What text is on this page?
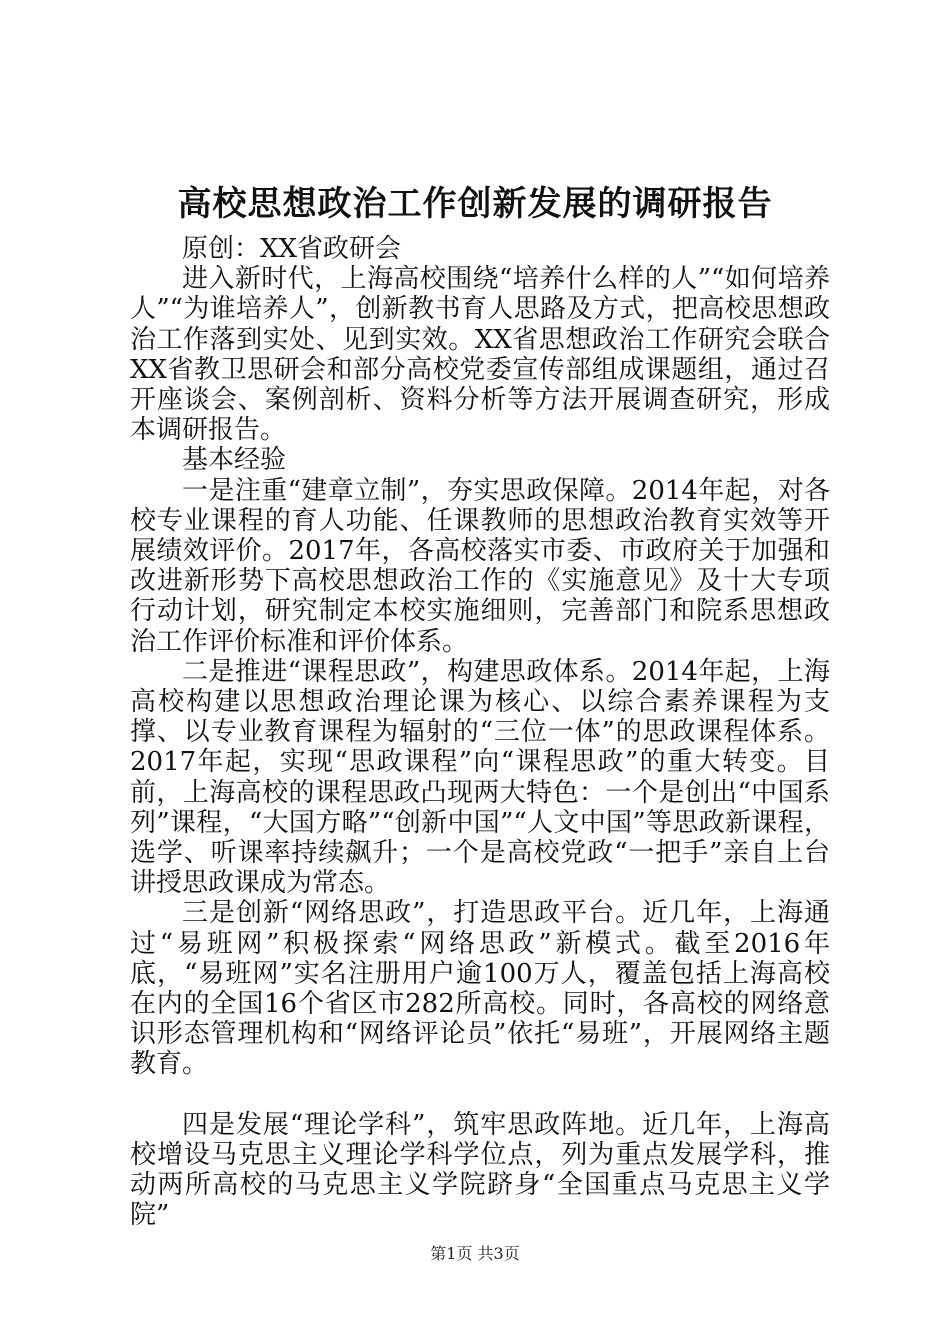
高校思想政治工作创新发展的调研报告

原创：XX省政研会

进入新时代，上海高校围绕“培养什么样的人”“如何培养人”“为谁培养人”，创新教书育人思路及方式，把高校思想政治工作落到实处、见到实效。XX省思想政治工作研究会联合XX省教卫思研会和部分高校党委宣传部组成课题组，通过召开座谈会、案例剖析、资料分析等方法开展调查研究，形成本调研报告。

基本经验

一是注重“建章立制”，夯实思政保障。2014年起，对各校专业课程的育人功能、任课教师的思想政治教育实效等开展绩效评价。2017年，各高校落实市委、市政府关于加强和改进新形势下高校思想政治工作的《实施意见》及十大专项行动计划，研究制定本校实施细则，完善部门和院系思想政治工作评价标准和评价体系。

二是推进“课程思政”，构建思政体系。2014年起，上海高校构建以思想政治理论课为核心、以综合素养课程为支撑、以专业教育课程为辐射的“三位一体”的思政课程体系。2017年起，实现“思政课程”向“课程思政”的重大转变。目前，上海高校的课程思政凸现两大特色：一个是创出“中国系列”课程，“大国方略”“创新中国”“人文中国”等思政新课程，选学、听课率持续飙升；一个是高校党政“一把手”亲自上台讲授思政课成为常态。

三是创新“网络思政”，打造思政平台。近几年，上海通过“易班网”积极探索“网络思政”新模式。截至2016年底，“易班网”实名注册用户逾100万人，覆盖包括上海高校在内的全国16个省区市282所高校。同时，各高校的网络意识形态管理机构和“网络评论员”依托“易班”，开展网络主题教育。

四是发展“理论学科”，筑牢思政阵地。近几年，上海高校增设马克思主义理论学科学位点，列为重点发展学科，推动两所高校的马克思主义学院跻身“全国重点马克思主义学院”

第1页 共3页
